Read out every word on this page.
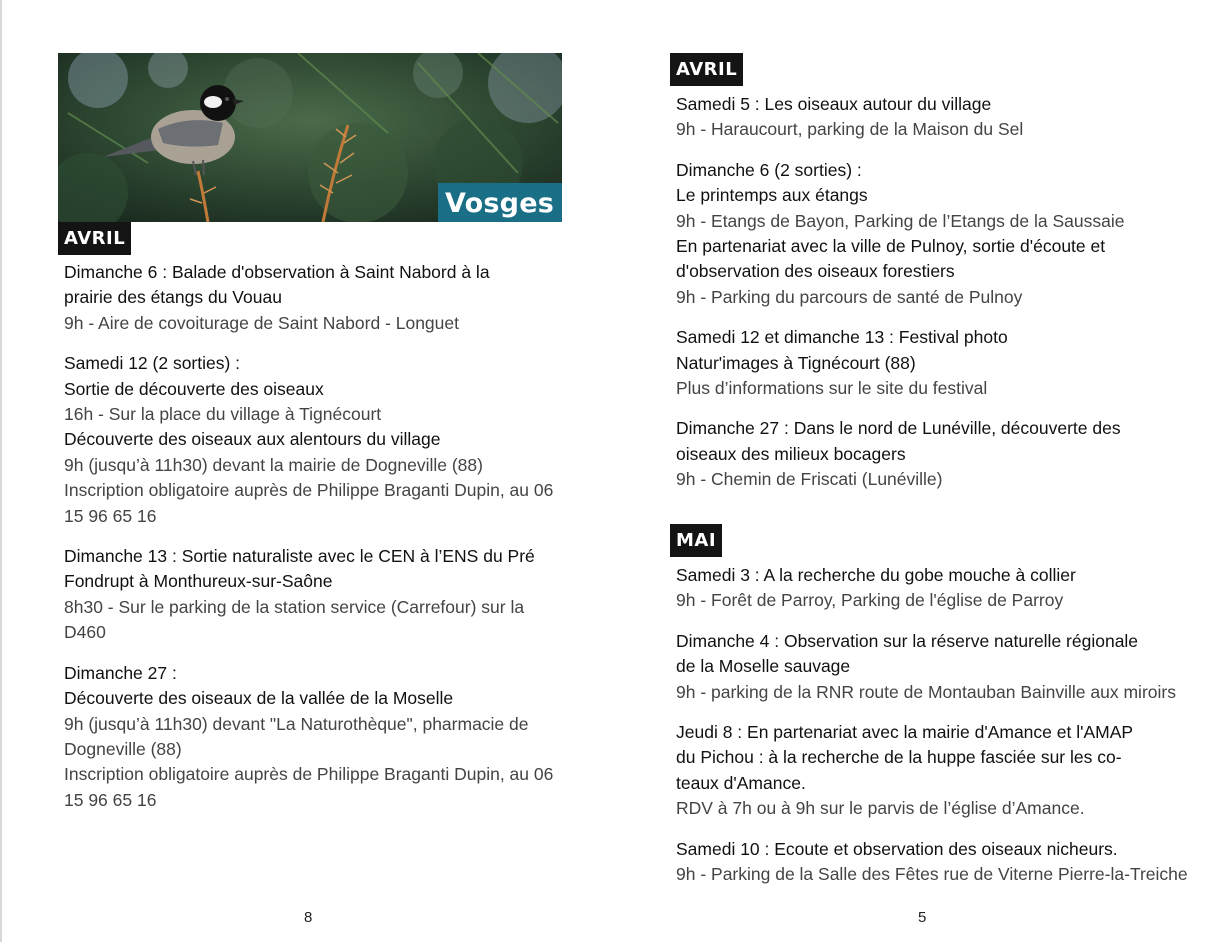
Vosges
AVRIL
Dimanche 6 : Balade d'observation à Saint Nabord à la
prairie des étangs du Vouau
9h - Aire de covoiturage de Saint Nabord - Longuet
Samedi 12 (2 sorties) :
Sortie de découverte des oiseaux
16h - Sur la place du village à Tignécourt
Découverte des oiseaux aux alentours du village
9h (jusqu’à 11h30) devant la mairie de Dogneville (88)
Inscription obligatoire auprès de Philippe Braganti Dupin, au 06
15 96 65 16
Dimanche 13 : Sortie naturaliste avec le CEN à l’ENS du Pré
Fondrupt à Monthureux-sur-Saône
8h30 - Sur le parking de la station service (Carrefour) sur la
D460
Dimanche 27 :
Découverte des oiseaux de la vallée de la Moselle
9h (jusqu’à 11h30) devant "La Naturothèque", pharmacie de
Dogneville (88)
Inscription obligatoire auprès de Philippe Braganti Dupin, au 06
15 96 65 16
8
AVRIL
Samedi 5 : Les oiseaux autour du village
9h - Haraucourt, parking de la Maison du Sel
Dimanche 6 (2 sorties) :
Le printemps aux étangs
9h - Etangs de Bayon, Parking de l’Etangs de la Saussaie
En partenariat avec la ville de Pulnoy, sortie d'écoute et
d'observation des oiseaux forestiers
9h - Parking du parcours de santé de Pulnoy
Samedi 12 et dimanche 13 : Festival photo
Natur'images à Tignécourt (88)
Plus d’informations sur le site du festival
Dimanche 27 : Dans le nord de Lunéville, découverte des
oiseaux des milieux bocagers
9h - Chemin de Friscati (Lunéville)
MAI
Samedi 3 : A la recherche du gobe mouche à collier
9h - Forêt de Parroy, Parking de l'église de Parroy
Dimanche 4 : Observation sur la réserve naturelle régionale
de la Moselle sauvage
9h - parking de la RNR route de Montauban Bainville aux miroirs
Jeudi 8 : En partenariat avec la mairie d'Amance et l'AMAP
du Pichou : à la recherche de la huppe fasciée sur les co-
teaux d'Amance.
RDV à 7h ou à 9h sur le parvis de l’église d’Amance.
Samedi 10 : Ecoute et observation des oiseaux nicheurs.
9h - Parking de la Salle des Fêtes rue de Viterne Pierre-la-Treiche
5
